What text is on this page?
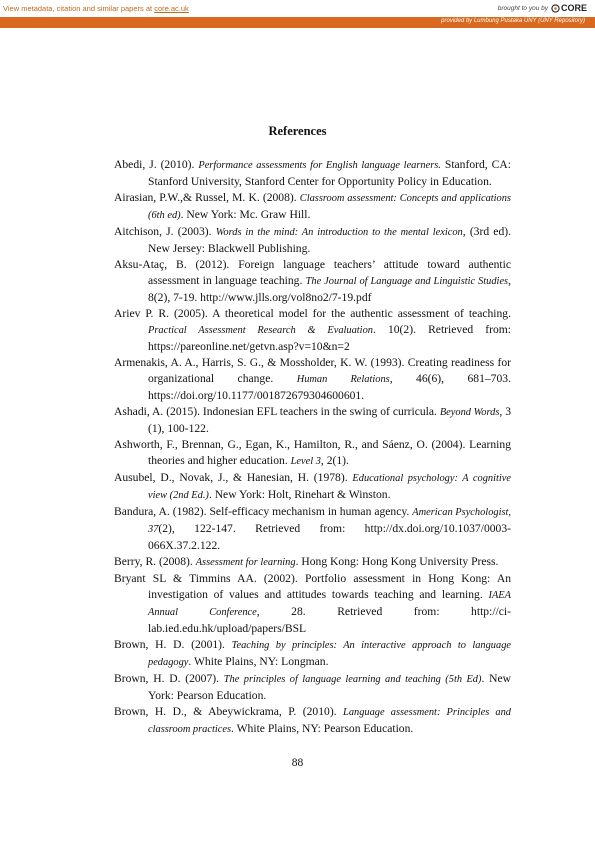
View metadata, citation and similar papers at core.ac.uk	brought to you by CORE
provided by Lumbung Pustaka UNY (UNY Repository)
References
Abedi, J. (2010). Performance assessments for English language learners. Stanford, CA: Stanford University, Stanford Center for Opportunity Policy in Education.
Airasian, P.W.,& Russel, M. K. (2008). Classroom assessment: Concepts and applications (6th ed). New York: Mc. Graw Hill.
Aitchison, J. (2003). Words in the mind: An introduction to the mental lexicon, (3rd ed). New Jersey: Blackwell Publishing.
Aksu-Ataç, B. (2012). Foreign language teachers’ attitude toward authentic assessment in language teaching. The Journal of Language and Linguistic Studies, 8(2), 7-19. http://www.jlls.org/vol8no2/7-19.pdf
Ariev P. R. (2005). A theoretical model for the authentic assessment of teaching. Practical Assessment Research & Evaluation. 10(2). Retrieved from: https://pareonline.net/getvn.asp?v=10&n=2
Armenakis, A. A., Harris, S. G., & Mossholder, K. W. (1993). Creating readiness for organizational change. Human Relations, 46(6), 681–703. https://doi.org/10.1177/001872679304600601.
Ashadi, A. (2015). Indonesian EFL teachers in the swing of curricula. Beyond Words, 3 (1), 100-122.
Ashworth, F., Brennan, G., Egan, K., Hamilton, R., and Sáenz, O. (2004). Learning theories and higher education. Level 3, 2(1).
Ausubel, D., Novak, J., & Hanesian, H. (1978). Educational psychology: A cognitive view (2nd Ed.). New York: Holt, Rinehart & Winston.
Bandura, A. (1982). Self-efficacy mechanism in human agency. American Psychologist, 37(2), 122-147. Retrieved from: http://dx.doi.org/10.1037/0003-066X.37.2.122.
Berry, R. (2008). Assessment for learning. Hong Kong: Hong Kong University Press.
Bryant SL & Timmins AA. (2002). Portfolio assessment in Hong Kong: An investigation of values and attitudes towards teaching and learning. IAEA Annual Conference, 28. Retrieved from: http://ci-lab.ied.edu.hk/upload/papers/BSL
Brown, H. D. (2001). Teaching by principles: An interactive approach to language pedagogy. White Plains, NY: Longman.
Brown, H. D. (2007). The principles of language learning and teaching (5th Ed). New York: Pearson Education.
Brown, H. D., & Abeywickrama, P. (2010). Language assessment: Principles and classroom practices. White Plains, NY: Pearson Education.
88
